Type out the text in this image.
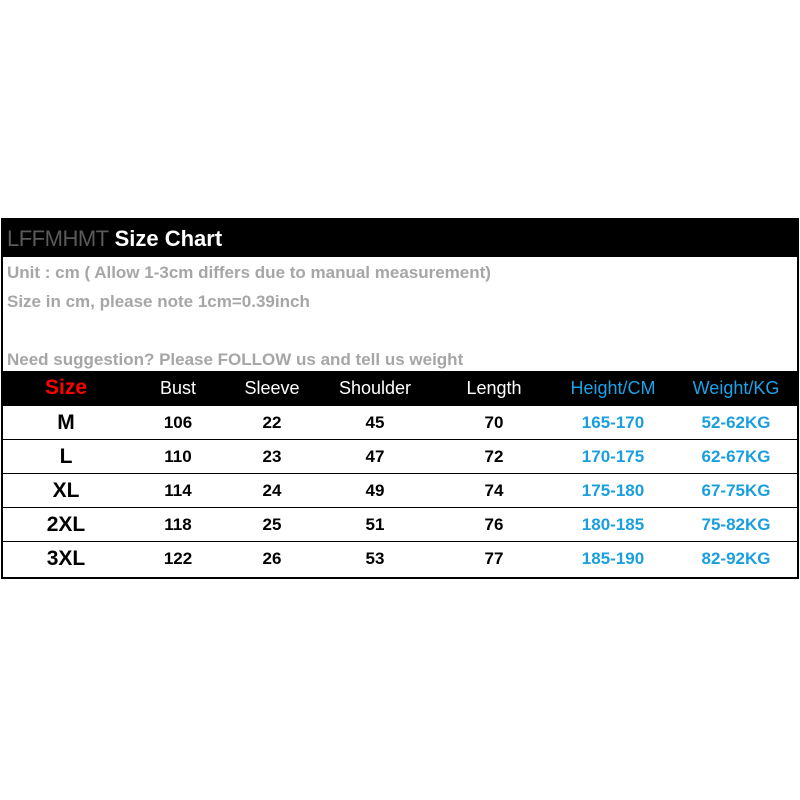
LFFMHMT Size Chart
Unit : cm ( Allow 1-3cm differs due to manual measurement)
Size in cm, please note 1cm=0.39inch
Need suggestion? Please FOLLOW us and tell us weight
Size	Bust	Sleeve	Shoulder	Length	Height/CM	Weight/KG
M	106	22	45	70	165-170	52-62KG
L	110	23	47	72	170-175	62-67KG
XL	114	24	49	74	175-180	67-75KG
2XL	118	25	51	76	180-185	75-82KG
3XL	122	26	53	77	185-190	82-92KG
